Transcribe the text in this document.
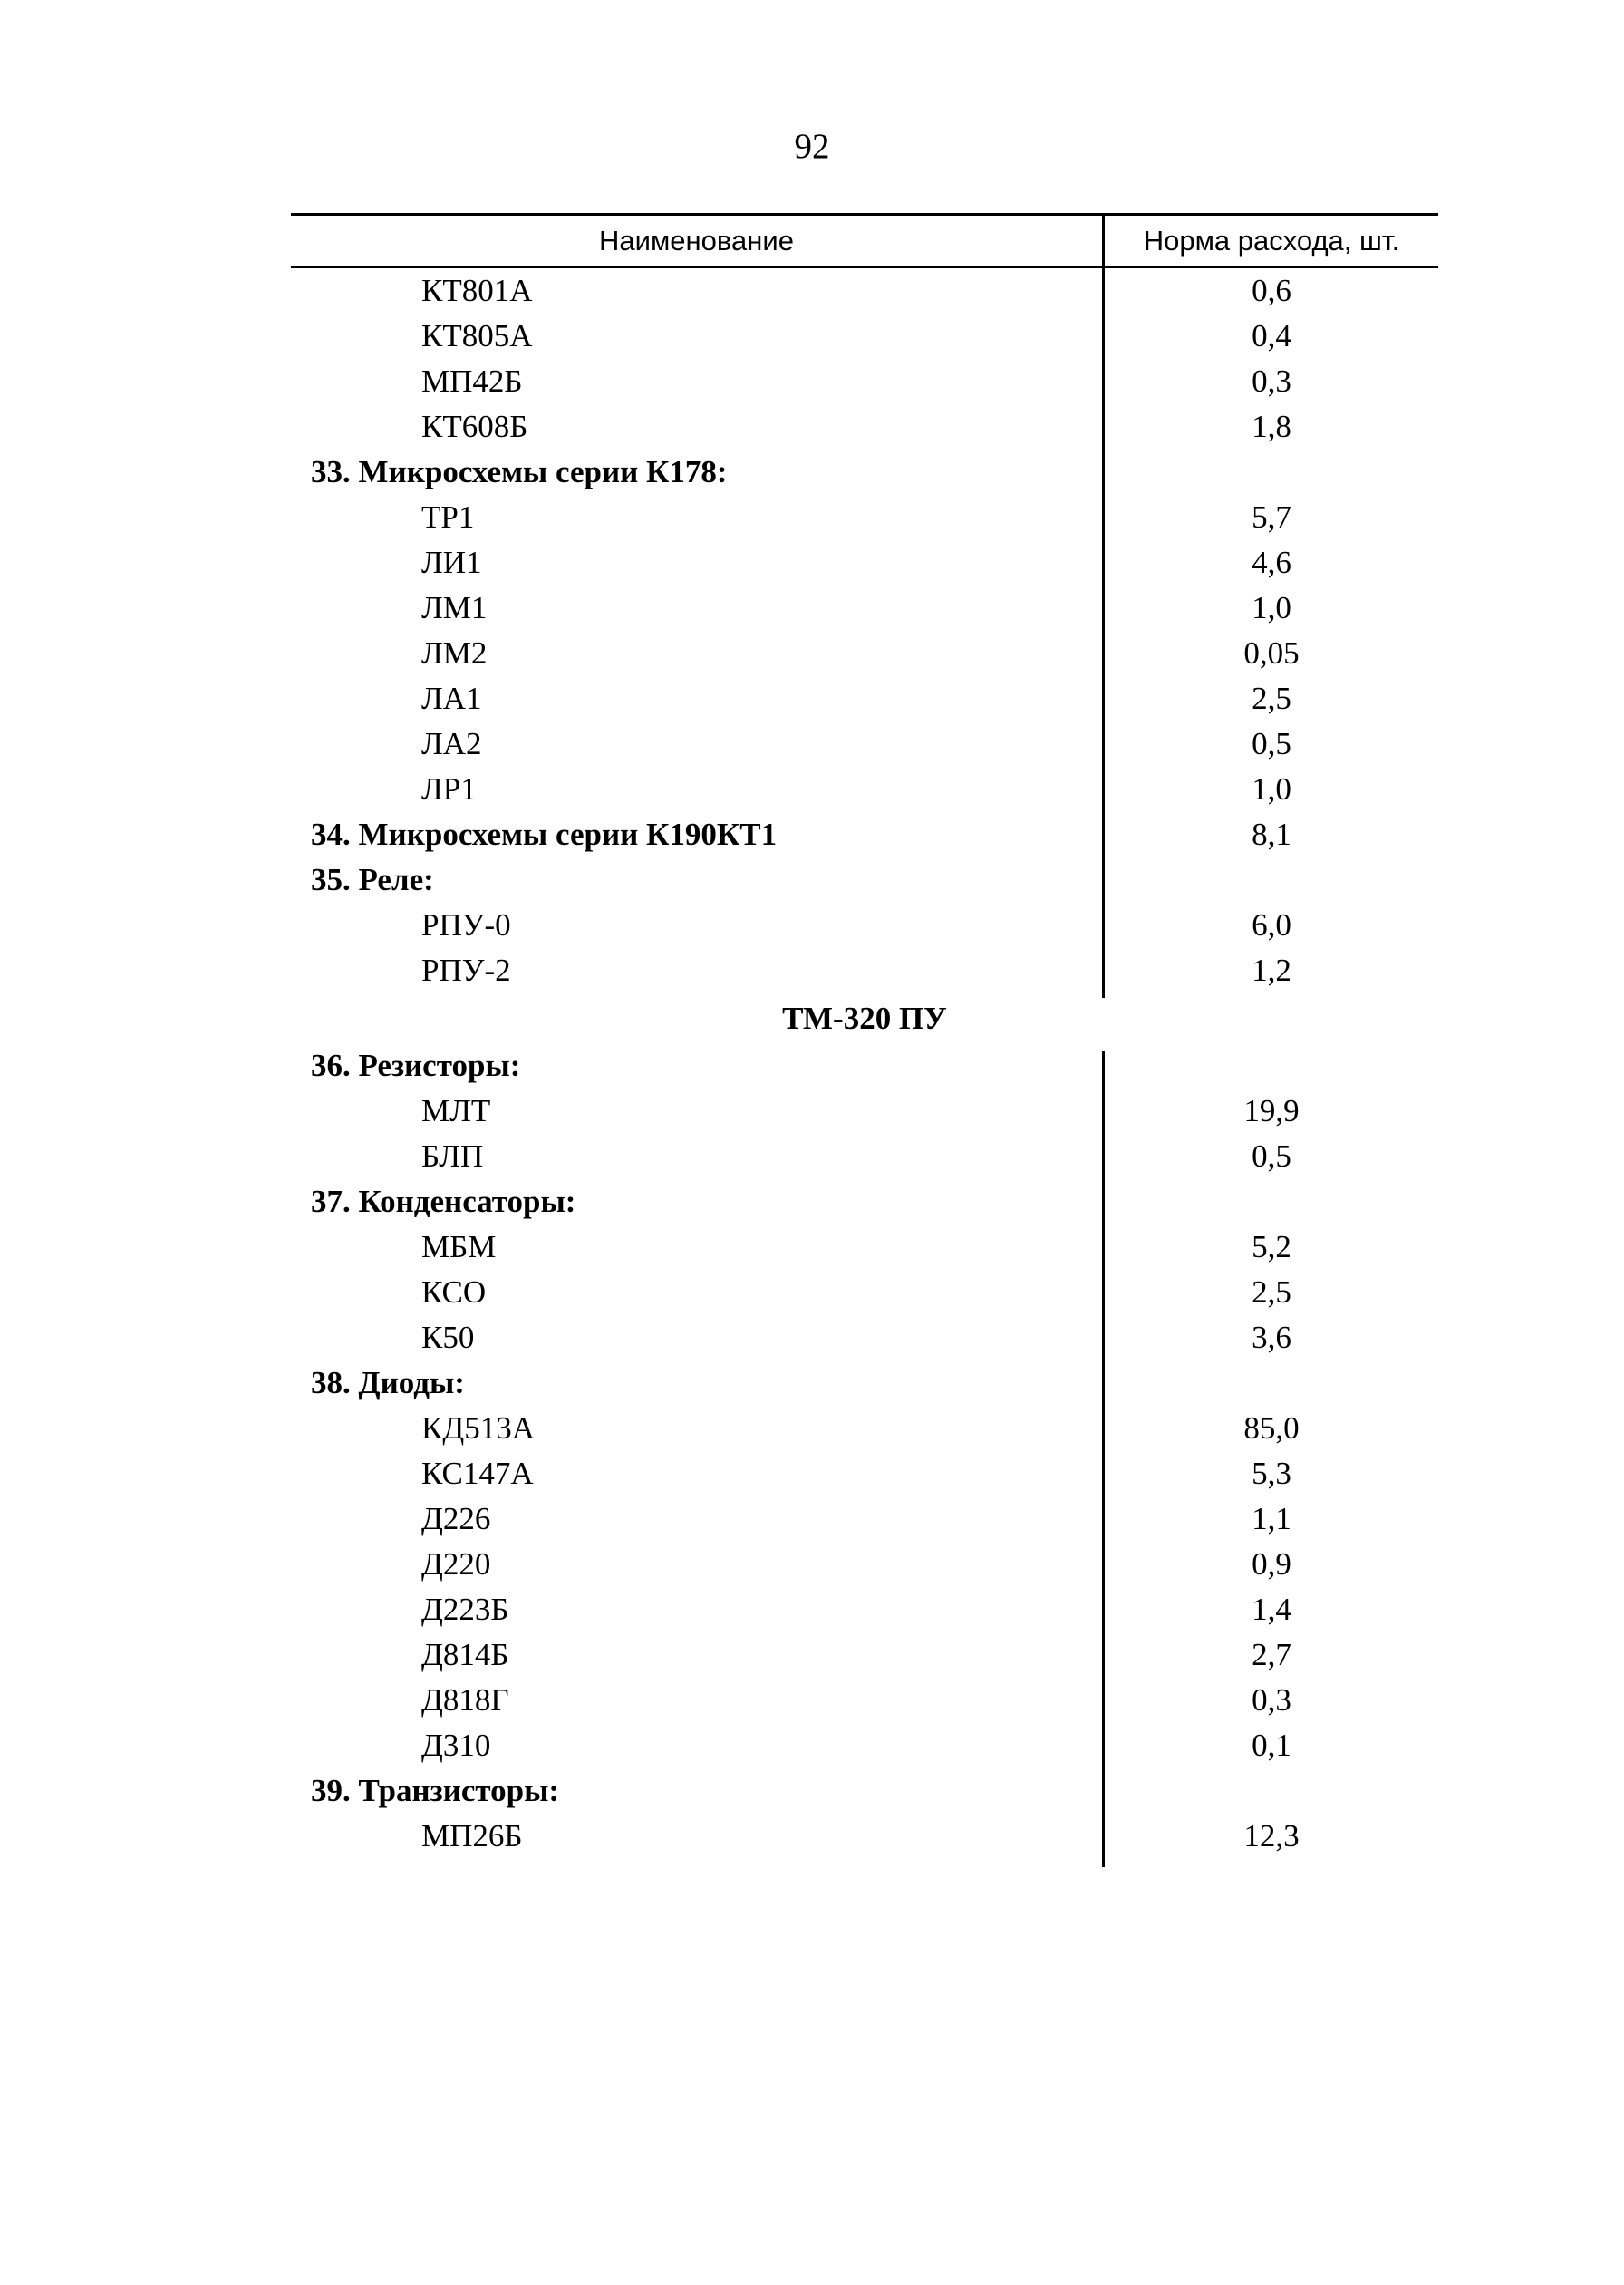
92
Наименование	Норма расхода, шт.
КТ801А	0,6
КТ805А	0,4
МП42Б	0,3
КТ608Б	1,8
33. Микросхемы серии К178:
ТР1	5,7
ЛИ1	4,6
ЛМ1	1,0
ЛМ2	0,05
ЛА1	2,5
ЛА2	0,5
ЛР1	1,0
34. Микросхемы серии К190КТ1	8,1
35. Реле:
РПУ-0	6,0
РПУ-2	1,2
ТМ-320 ПУ
36. Резисторы:
МЛТ	19,9
БЛП	0,5
37. Конденсаторы:
МБМ	5,2
КСО	2,5
К50	3,6
38. Диоды:
КД513А	85,0
КС147А	5,3
Д226	1,1
Д220	0,9
Д223Б	1,4
Д814Б	2,7
Д818Г	0,3
Д310	0,1
39. Транзисторы:
МП26Б	12,3
